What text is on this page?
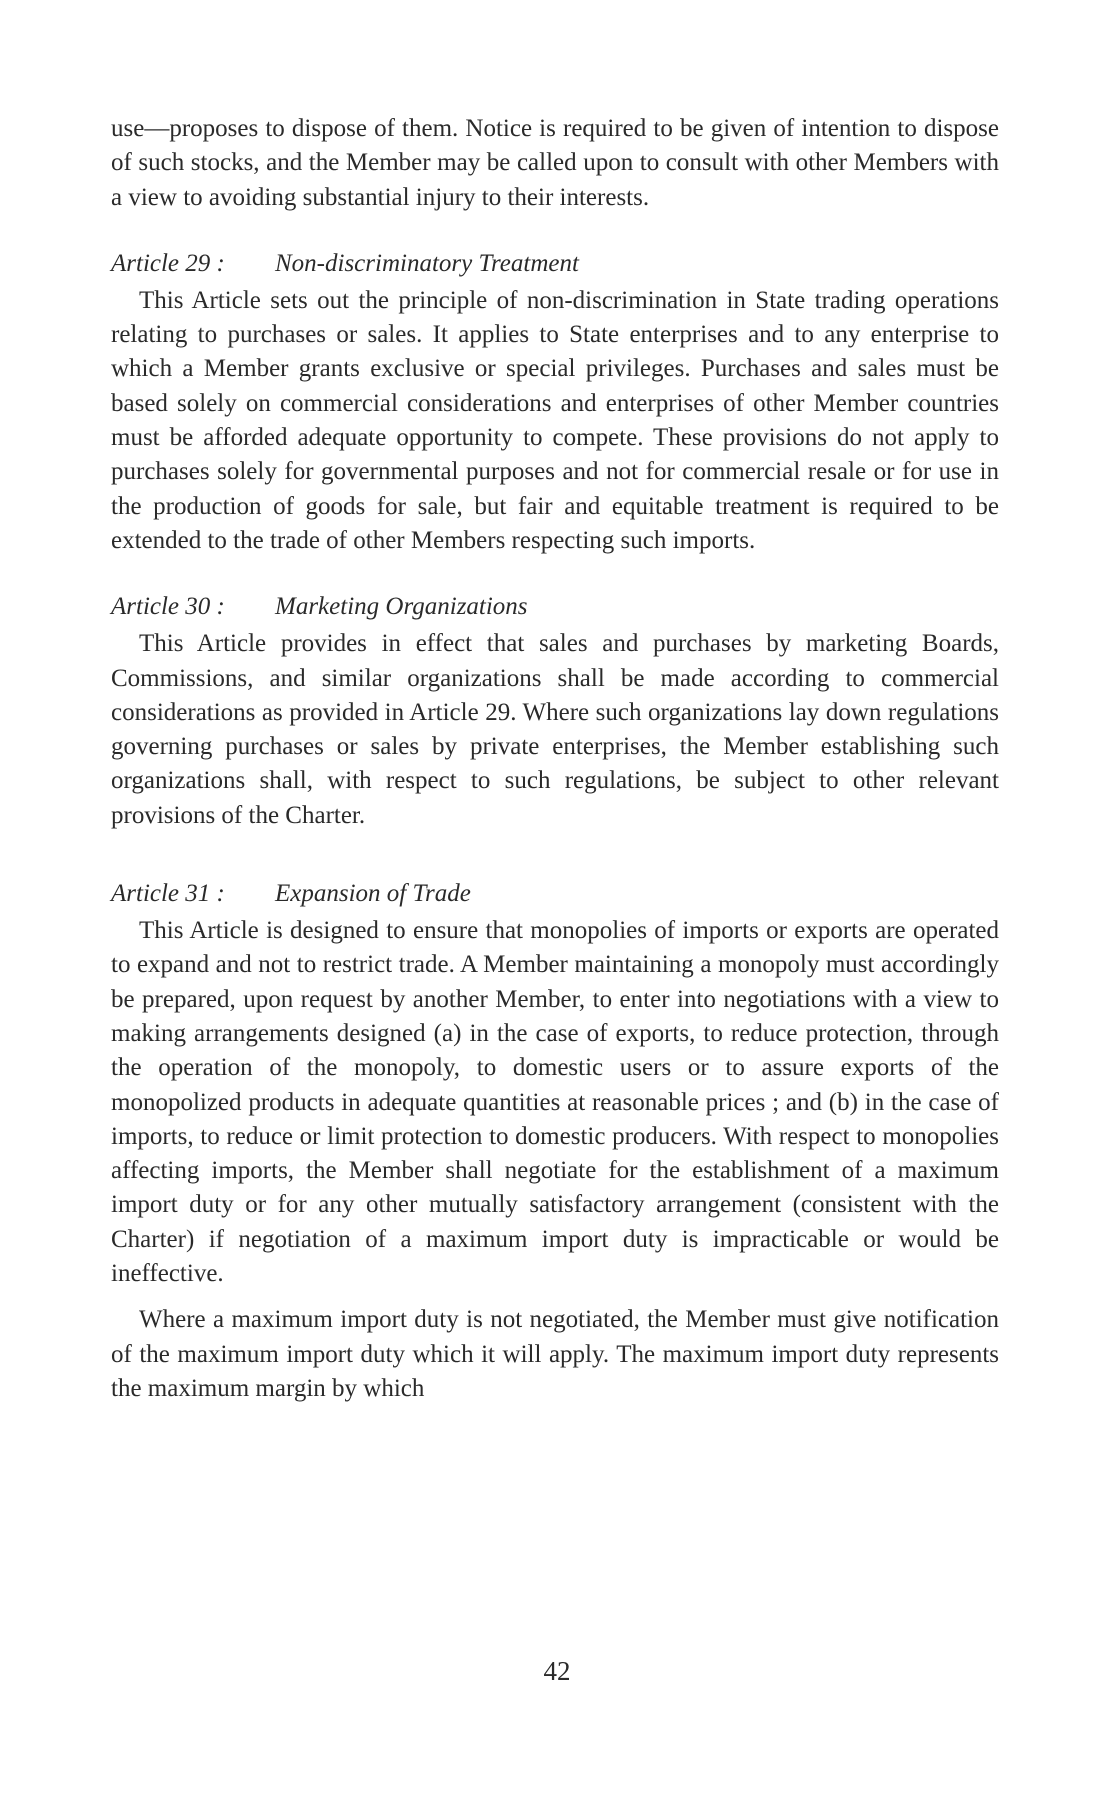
use—proposes to dispose of them. Notice is required to be given of intention to dispose of such stocks, and the Member may be called upon to consult with other Members with a view to avoiding substantial injury to their interests.

Article 29 : Non-discriminatory Treatment

This Article sets out the principle of non-discrimination in State trading operations relating to purchases or sales. It applies to State enterprises and to any enterprise to which a Member grants exclusive or special privileges. Purchases and sales must be based solely on commercial considerations and enterprises of other Member countries must be afforded adequate opportunity to compete. These provisions do not apply to purchases solely for governmental purposes and not for commercial resale or for use in the production of goods for sale, but fair and equitable treatment is required to be extended to the trade of other Members respecting such imports.

Article 30 : Marketing Organizations

This Article provides in effect that sales and purchases by marketing Boards, Commissions, and similar organizations shall be made according to commercial considerations as provided in Article 29. Where such organizations lay down regulations governing purchases or sales by private enterprises, the Member establishing such organizations shall, with respect to such regulations, be subject to other relevant provisions of the Charter.

Article 31 : Expansion of Trade

This Article is designed to ensure that monopolies of imports or exports are operated to expand and not to restrict trade. A Member maintaining a monopoly must accordingly be prepared, upon request by another Member, to enter into negotiations with a view to making arrangements designed (a) in the case of exports, to reduce protection, through the operation of the monopoly, to domestic users or to assure exports of the monopolized products in adequate quantities at reasonable prices ; and (b) in the case of imports, to reduce or limit protection to domestic producers. With respect to monopolies affecting imports, the Member shall negotiate for the establishment of a maximum import duty or for any other mutually satisfactory arrangement (consistent with the Charter) if negotiation of a maximum import duty is impracticable or would be ineffective.

Where a maximum import duty is not negotiated, the Member must give notification of the maximum import duty which it will apply. The maximum import duty represents the maximum margin by which

42
